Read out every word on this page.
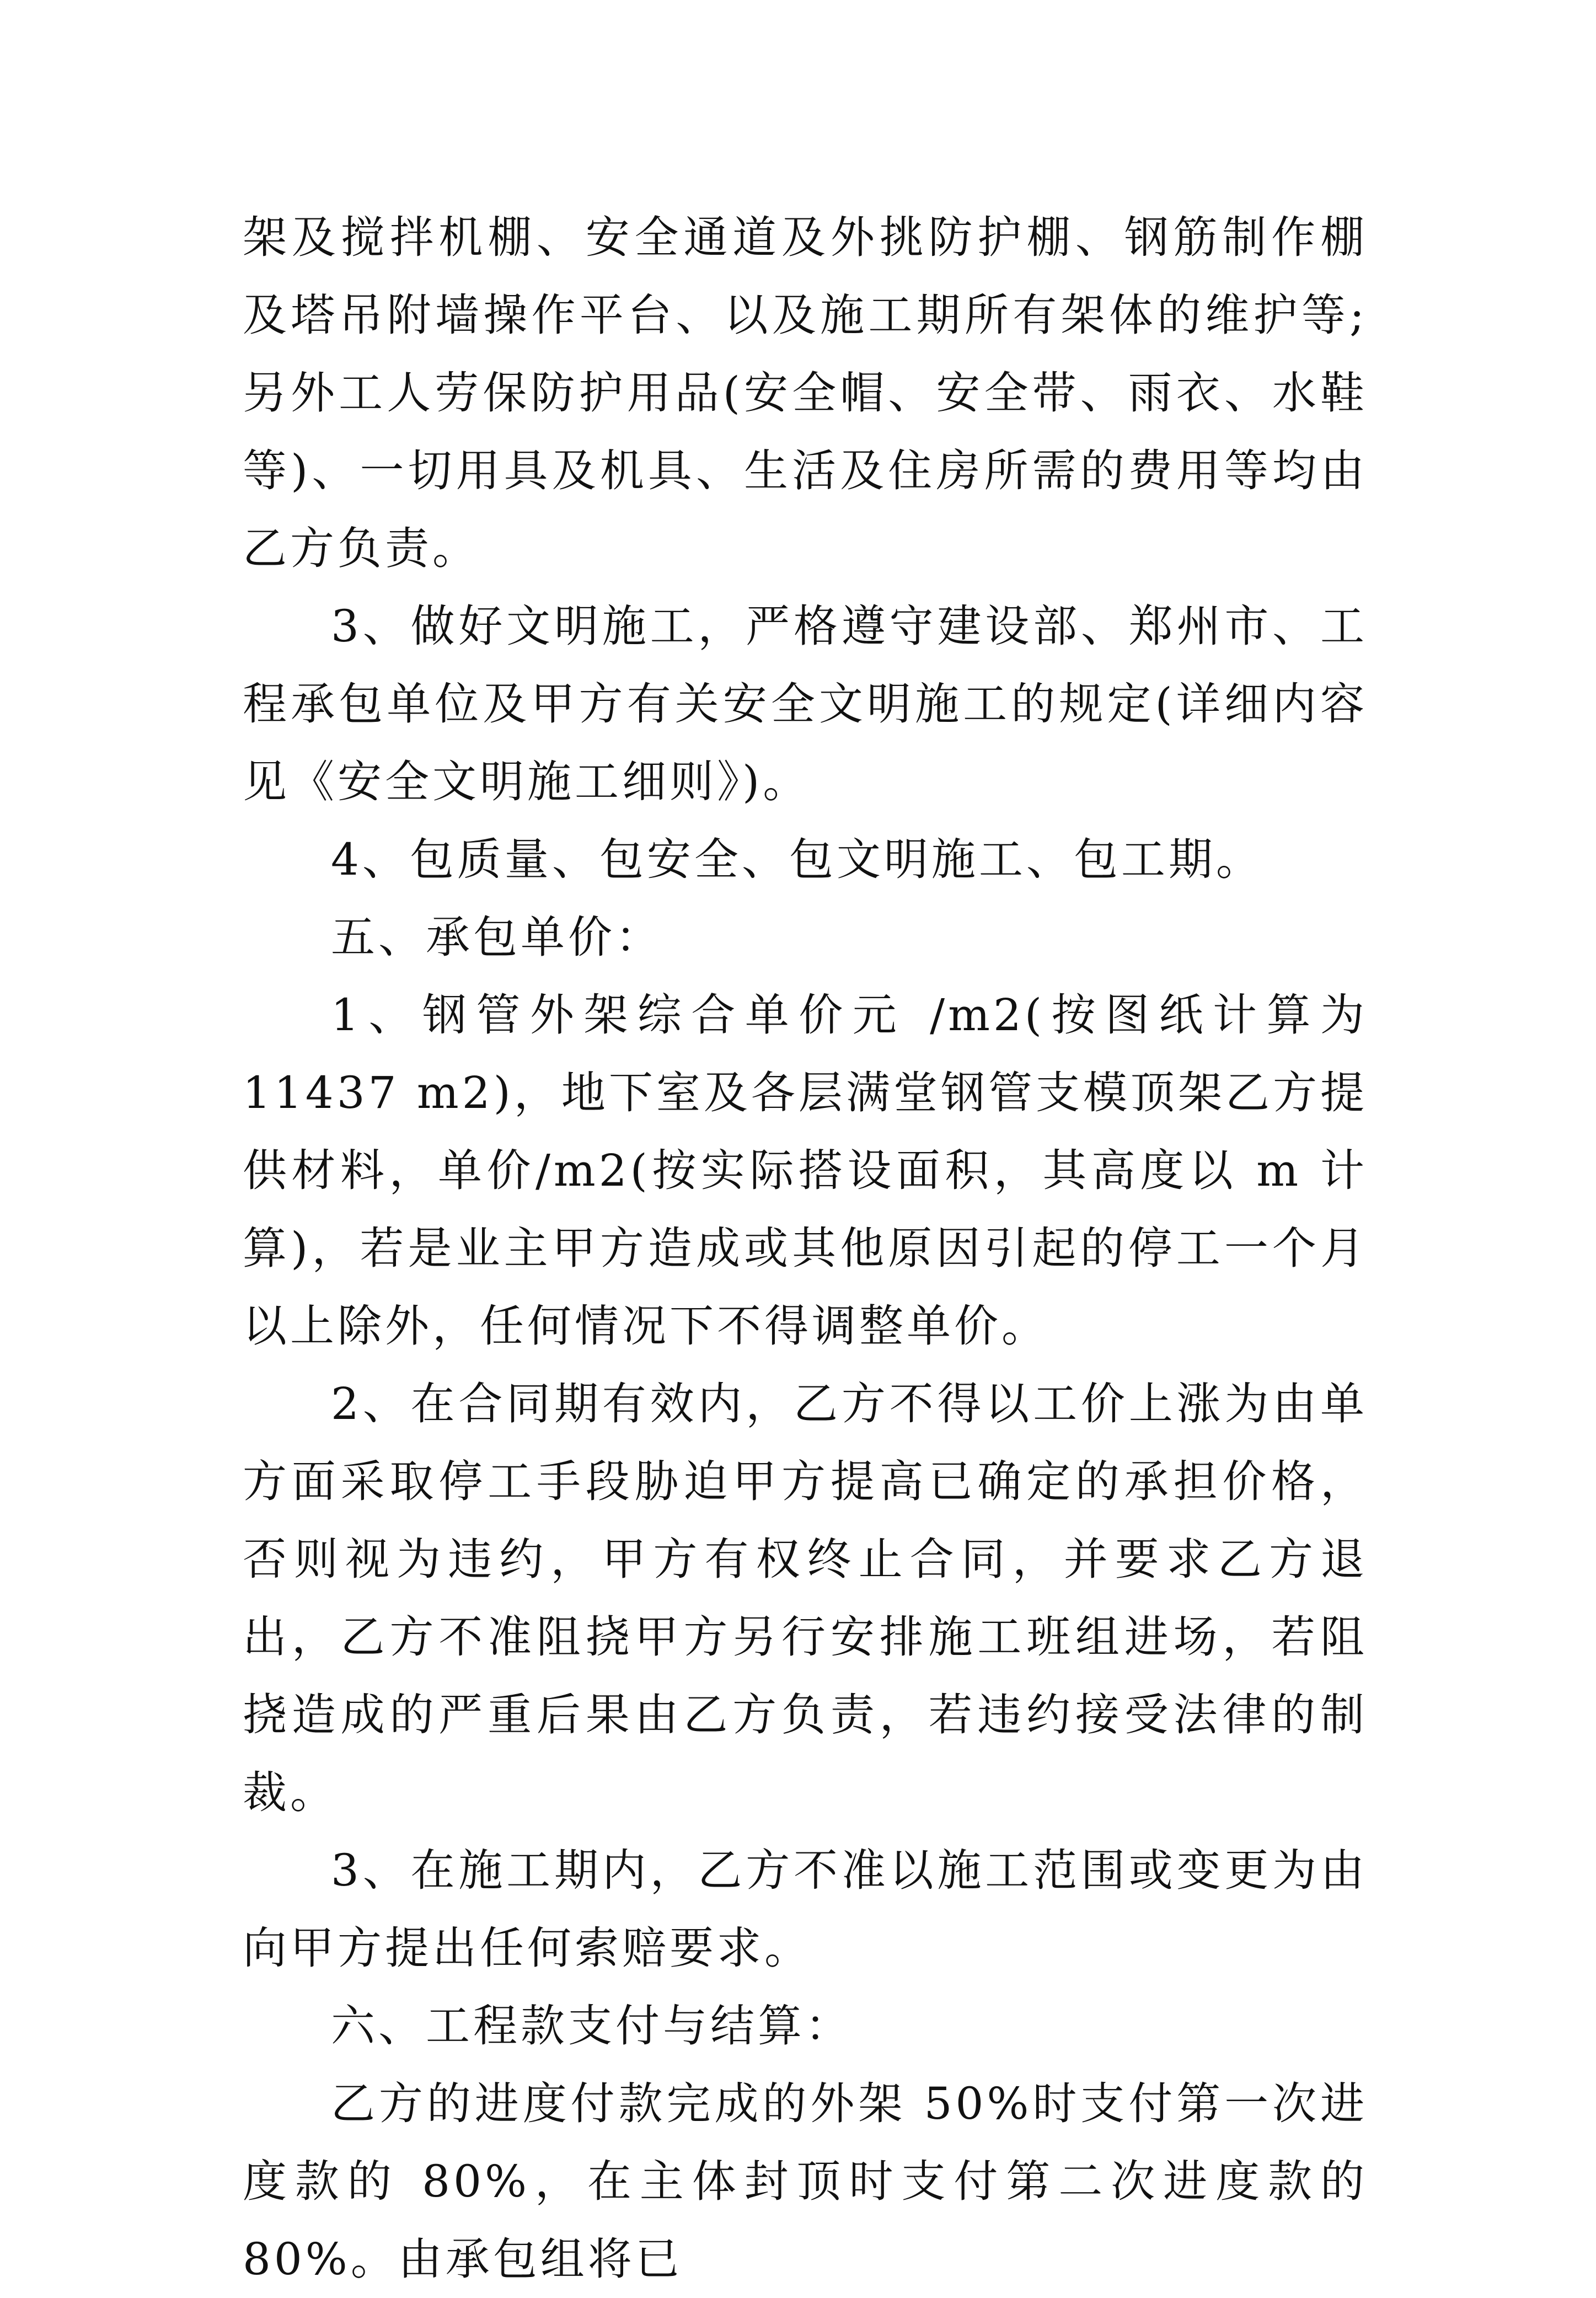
架及搅拌机棚、安全通道及外挑防护棚、钢筋制作棚及塔吊附墙操作平台、以及施工期所有架体的维护等;另外工人劳保防护用品(安全帽、安全带、雨衣、水鞋等)、一切用具及机具、生活及住房所需的费用等均由乙方负责。

3、做好文明施工，严格遵守建设部、郑州市、工程承包单位及甲方有关安全文明施工的规定(详细内容见《安全文明施工细则》)。

4、包质量、包安全、包文明施工、包工期。

五、承包单价：

1、钢管外架综合单价元 /m2(按图纸计算为 11437 m2)，地下室及各层满堂钢管支模顶架乙方提供材料，单价/m2(按实际搭设面积，其高度以 m 计算)，若是业主甲方造成或其他原因引起的停工一个月以上除外，任何情况下不得调整单价。

2、在合同期有效内，乙方不得以工价上涨为由单方面采取停工手段胁迫甲方提高已确定的承担价格，否则视为违约，甲方有权终止合同，并要求乙方退出，乙方不准阻挠甲方另行安排施工班组进场，若阻挠造成的严重后果由乙方负责，若违约接受法律的制裁。

3、在施工期内，乙方不准以施工范围或变更为由向甲方提出任何索赔要求。

六、工程款支付与结算：

乙方的进度付款完成的外架 50%时支付第一次进度款的 80%，在主体封顶时支付第二次进度款的 80%。由承包组将已
